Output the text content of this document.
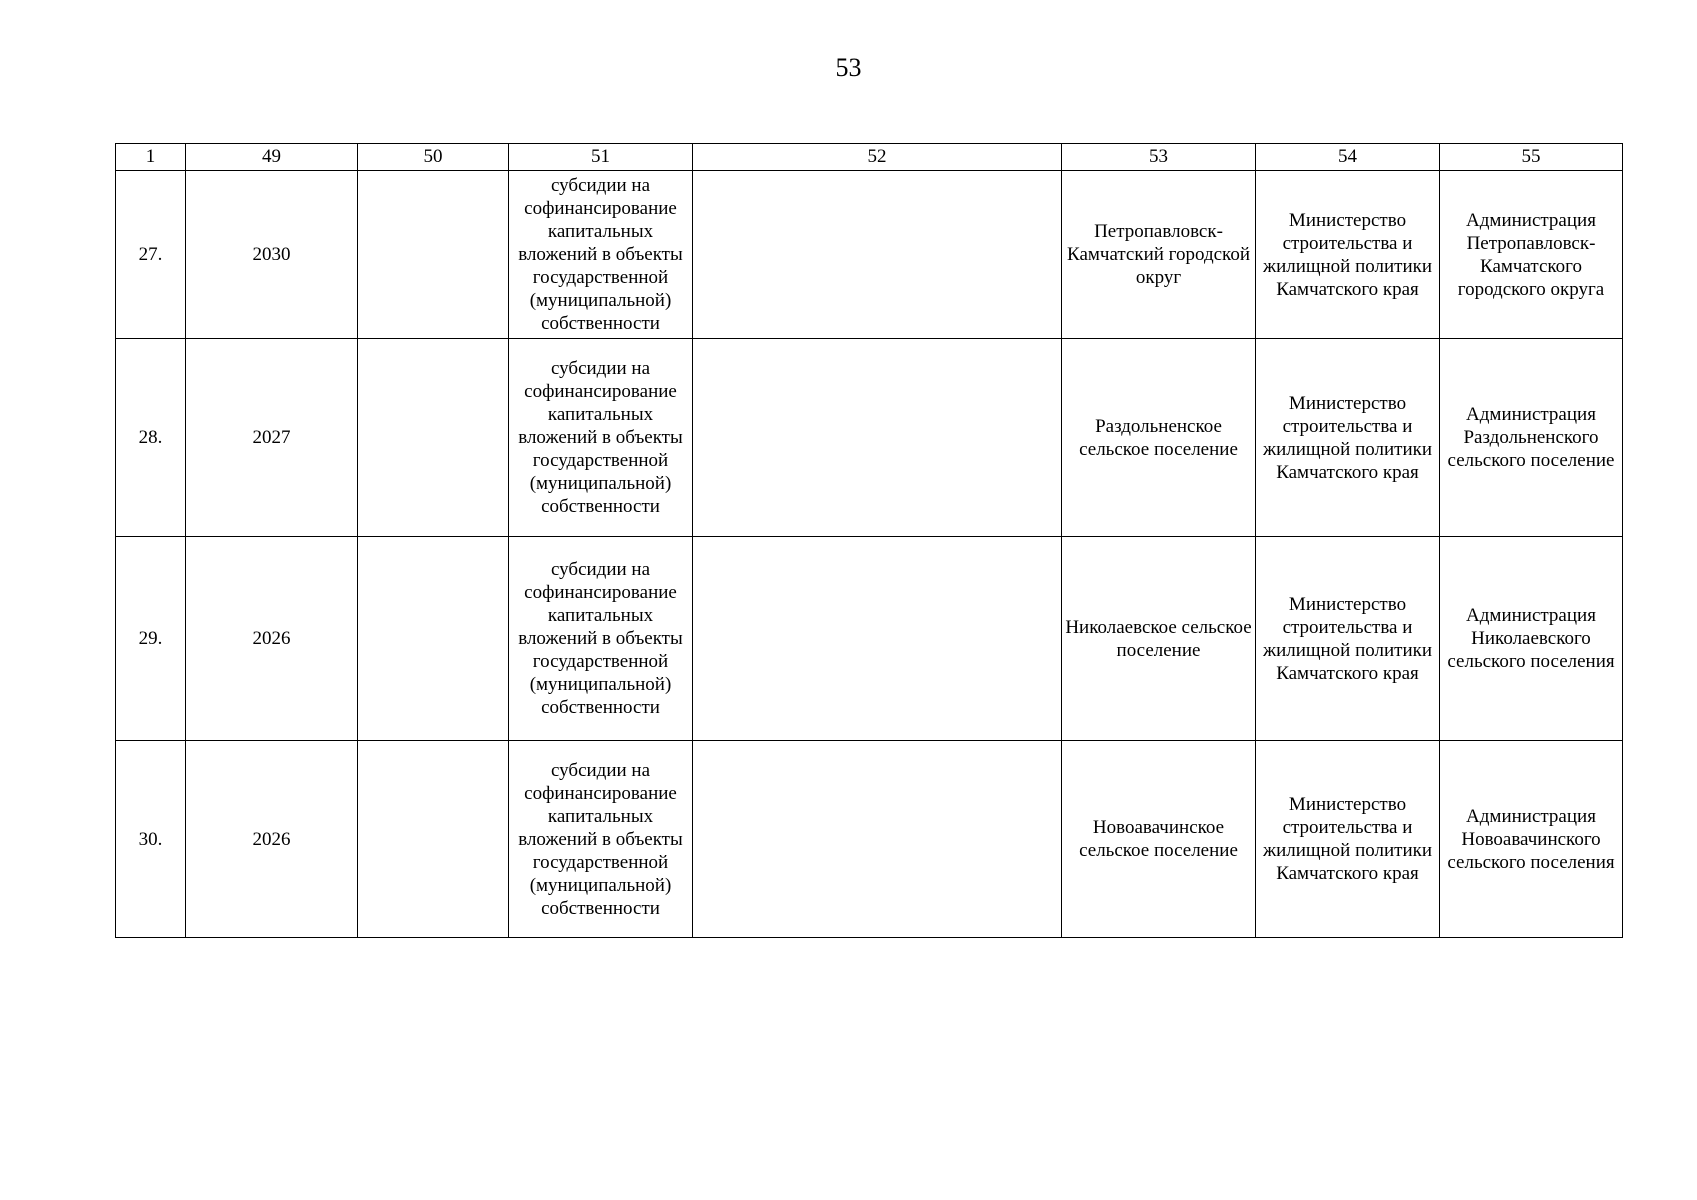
53
1	49	50	51	52	53	54	55
27.	2030		субсидии на софинансирование капитальных вложений в объекты государственной (муниципальной) собственности		Петропавловск-Камчатский городской округ	Министерство строительства и жилищной политики Камчатского края	Администрация Петропавловск-Камчатского городского округа
28.	2027		субсидии на софинансирование капитальных вложений в объекты государственной (муниципальной) собственности		Раздольненское сельское поселение	Министерство строительства и жилищной политики Камчатского края	Администрация Раздольненского сельского поселение
29.	2026		субсидии на софинансирование капитальных вложений в объекты государственной (муниципальной) собственности		Николаевское сельское поселение	Министерство строительства и жилищной политики Камчатского края	Администрация Николаевского сельского поселения
30.	2026		субсидии на софинансирование капитальных вложений в объекты государственной (муниципальной) собственности		Новоавачинское сельское поселение	Министерство строительства и жилищной политики Камчатского края	Администрация Новоавачинского сельского поселения
